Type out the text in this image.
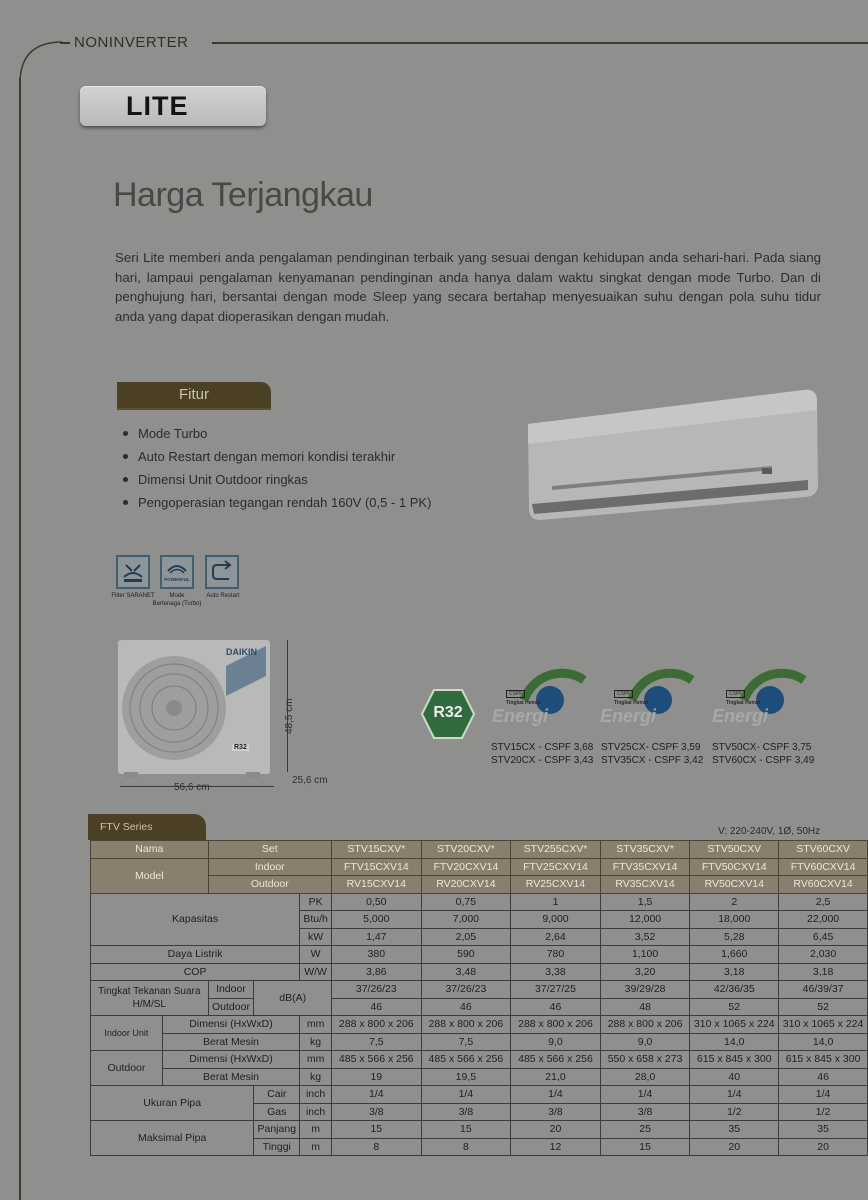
NONINVERTER
LITE
Harga Terjangkau
Seri Lite memberi anda pengalaman pendinginan terbaik yang sesuai dengan kehidupan anda sehari-hari. Pada siang hari, lampaui pengalaman kenyamanan pendinginan anda hanya dalam waktu singkat dengan mode Turbo. Dan di penghujung hari, bersantai dengan mode Sleep yang secara bertahap menyesuaikan suhu dengan pola suhu tidur anda yang dapat dioperasikan dengan mudah.
Fitur
Mode Turbo
Auto Restart dengan memori kondisi terakhir
Dimensi Unit Outdoor ringkas
Pengoperasian tegangan rendah 160V (0,5 - 1 PK)
POWERFUL
Filter SARANET	Mode
Bertenaga (Turbo)
Auto Restart
DAIKIN
R32
48,5 cm
56,6 cm
25,6 cm
R32
CSPF
Tingkat Hemat
Energi
CSPF
Tingkat Hemat
Energi
CSPF
Tingkat Hemat
Energi
STV15CX - CSPF 3,68
STV20CX - CSPF 3,43
STV25CX- CSPF 3,59
STV35CX - CSPF 3,42
STV50CX- CSPF 3,75
STV60CX - CSPF 3,49
FTV Series	V: 220-240V, 1Ø, 50Hz
Nama		Set			STV15CXV*	STV20CXV*	STV255CXV*	STV35CXV*	STV50CXV	STV60CXV
Model		Indoor			FTV15CXV14	FTV20CXV14	FTV25CXV14	FTV35CXV14	FTV50CXV14	FTV60CXV14
		Outdoor			RV15CXV14	RV20CXV14	RV25CXV14	RV35CXV14	RV50CXV14	RV60CXV14
Kapasitas				PK	0,50	0,75	1	1,5	2	2,5
				Btu/h	5,000	7,000	9,000	12,000	18,000	22,000
				kW	1,47	2,05	2,64	3,52	5,28	6,45
Daya Listrik				W	380	590	780	1,100	1,660	2,030
COP				W/W	3,86	3,48	3,38	3,20	3,18	3,18

Tingkat Tekanan Suara
H/M/SL		Indoor	dB(A)		37/26/23	37/26/23	37/27/25	39/29/28	42/36/35	46/39/37
		Outdoor			46	46	46	48	52	52
Indoor Unit	Dimensi (HxWxD)			mm	288 x 800 x 206	288 x 800 x 206	288 x 800 x 206	288 x 800 x 206	310 x 1065 x 224	310 x 1065 x 224
	Berat Mesin			kg	7,5	7,5	9,0	9,0	14,0	14,0
Outdoor	Dimensi (HxWxD)			mm	485 x 566 x 256	485 x 566 x 256	485 x 566 x 256	550 x 658 x 273	615 x 845 x 300	615 x 845 x 300
	Berat Mesin			kg	19	19,5	21,0	28,0	40	46
Ukuran Pipa			Cair	inch	1/4	1/4	1/4	1/4	1/4	1/4
			Gas	inch	3/8	3/8	3/8	3/8	1/2	1/2
Maksimal Pipa			Panjang	m	15	15	20	25	35	35
			Tinggi	m	8	8	12	15	20	20
